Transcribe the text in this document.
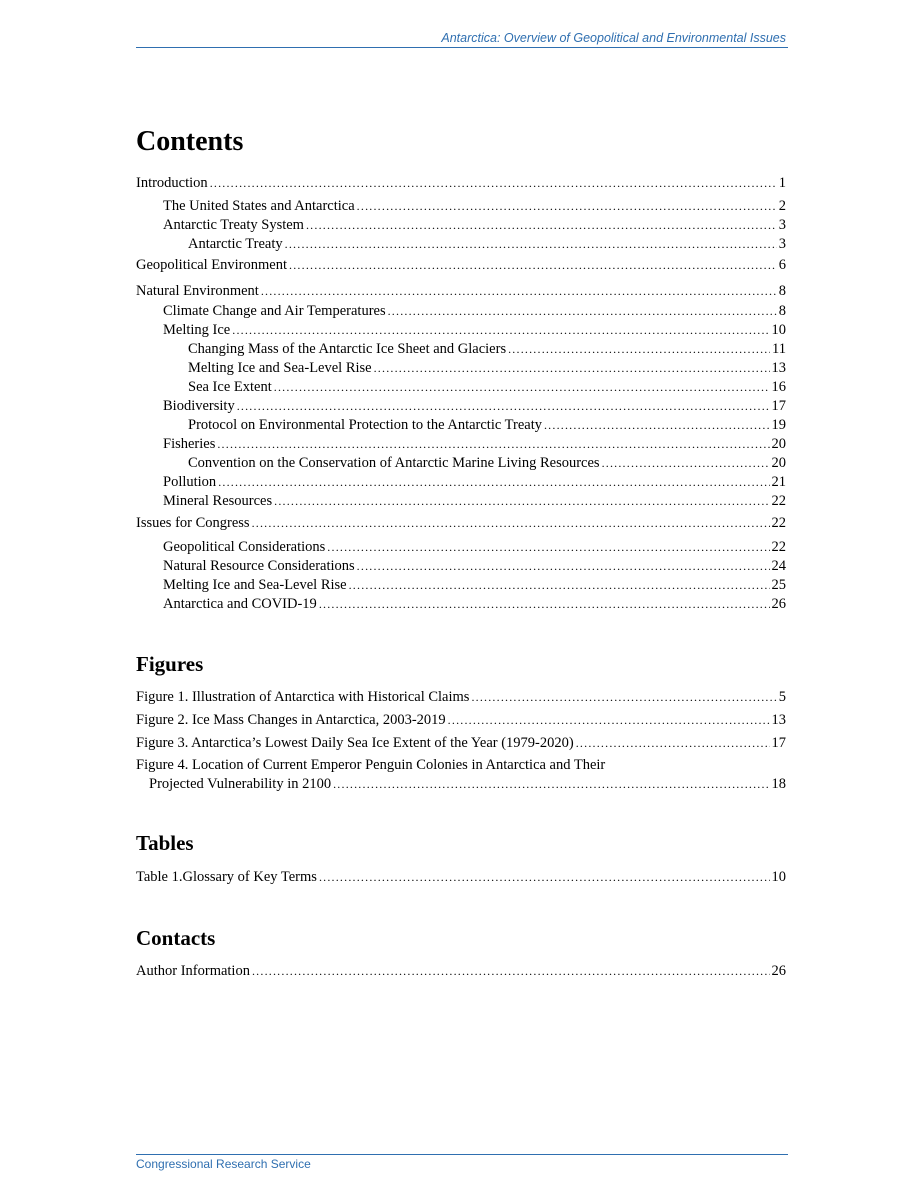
Antarctica: Overview of Geopolitical and Environmental Issues
Contents
Introduction .....	1
The United States and Antarctica .....	2
Antarctic Treaty System .....	3
Antarctic Treaty .....	3
Geopolitical Environment .....	6
Natural Environment .....	8
Climate Change and Air Temperatures .....	8
Melting Ice .....	10
Changing Mass of the Antarctic Ice Sheet and Glaciers .....	11
Melting Ice and Sea-Level Rise .....	13
Sea Ice Extent .....	16
Biodiversity .....	17
Protocol on Environmental Protection to the Antarctic Treaty .....	19
Fisheries .....	20
Convention on the Conservation of Antarctic Marine Living Resources .....	20
Pollution .....	21
Mineral Resources .....	22
Issues for Congress .....	22
Geopolitical Considerations .....	22
Natural Resource Considerations .....	24
Melting Ice and Sea-Level Rise .....	25
Antarctica and COVID-19 .....	26
Figures
Figure 1. Illustration of Antarctica with Historical Claims .....	5
Figure 2. Ice Mass Changes in Antarctica, 2003-2019 .....	13
Figure 3. Antarctica’s Lowest Daily Sea Ice Extent of the Year (1979-2020) .....	17
Figure 4. Location of Current Emperor Penguin Colonies in Antarctica and Their
Projected Vulnerability in 2100 .....	18
Tables
Table 1.Glossary of Key Terms .....	10
Contacts
Author Information .....	26
Congressional Research Service
